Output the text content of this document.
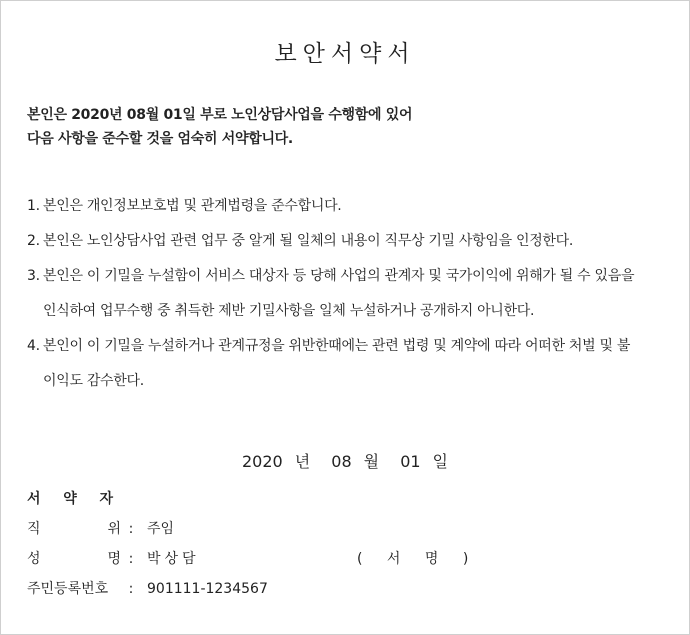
보안서약서
본인은 2020년 08월 01일 부로 노인상담사업을 수행함에 있어
다음 사항을 준수할 것을 엄숙히 서약합니다.
1. 본인은 개인정보보호법 및 관계법령을 준수합니다.
2. 본인은 노인상담사업 관련 업무 중 알게 될 일체의 내용이 직무상 기밀 사항임을 인정한다.
3. 본인은 이 기밀을 누설함이 서비스 대상자 등 당해 사업의 관계자 및 국가이익에 위해가 될 수 있음을 인식하여 업무수행 중 취득한 제반 기밀사항을 일체 누설하거나 공개하지 아니한다.
4. 본인이 이 기밀을 누설하거나 관계규정을 위반한때에는 관련 법령 및 계약에 따라 어떠한 처벌 및 불이익도 감수한다.
2020 년 08 월 01 일
서 약 자
직	위 : 주임
성	명 : 박상담	( 서 명 )
주민등록번호	: 901111-1234567
